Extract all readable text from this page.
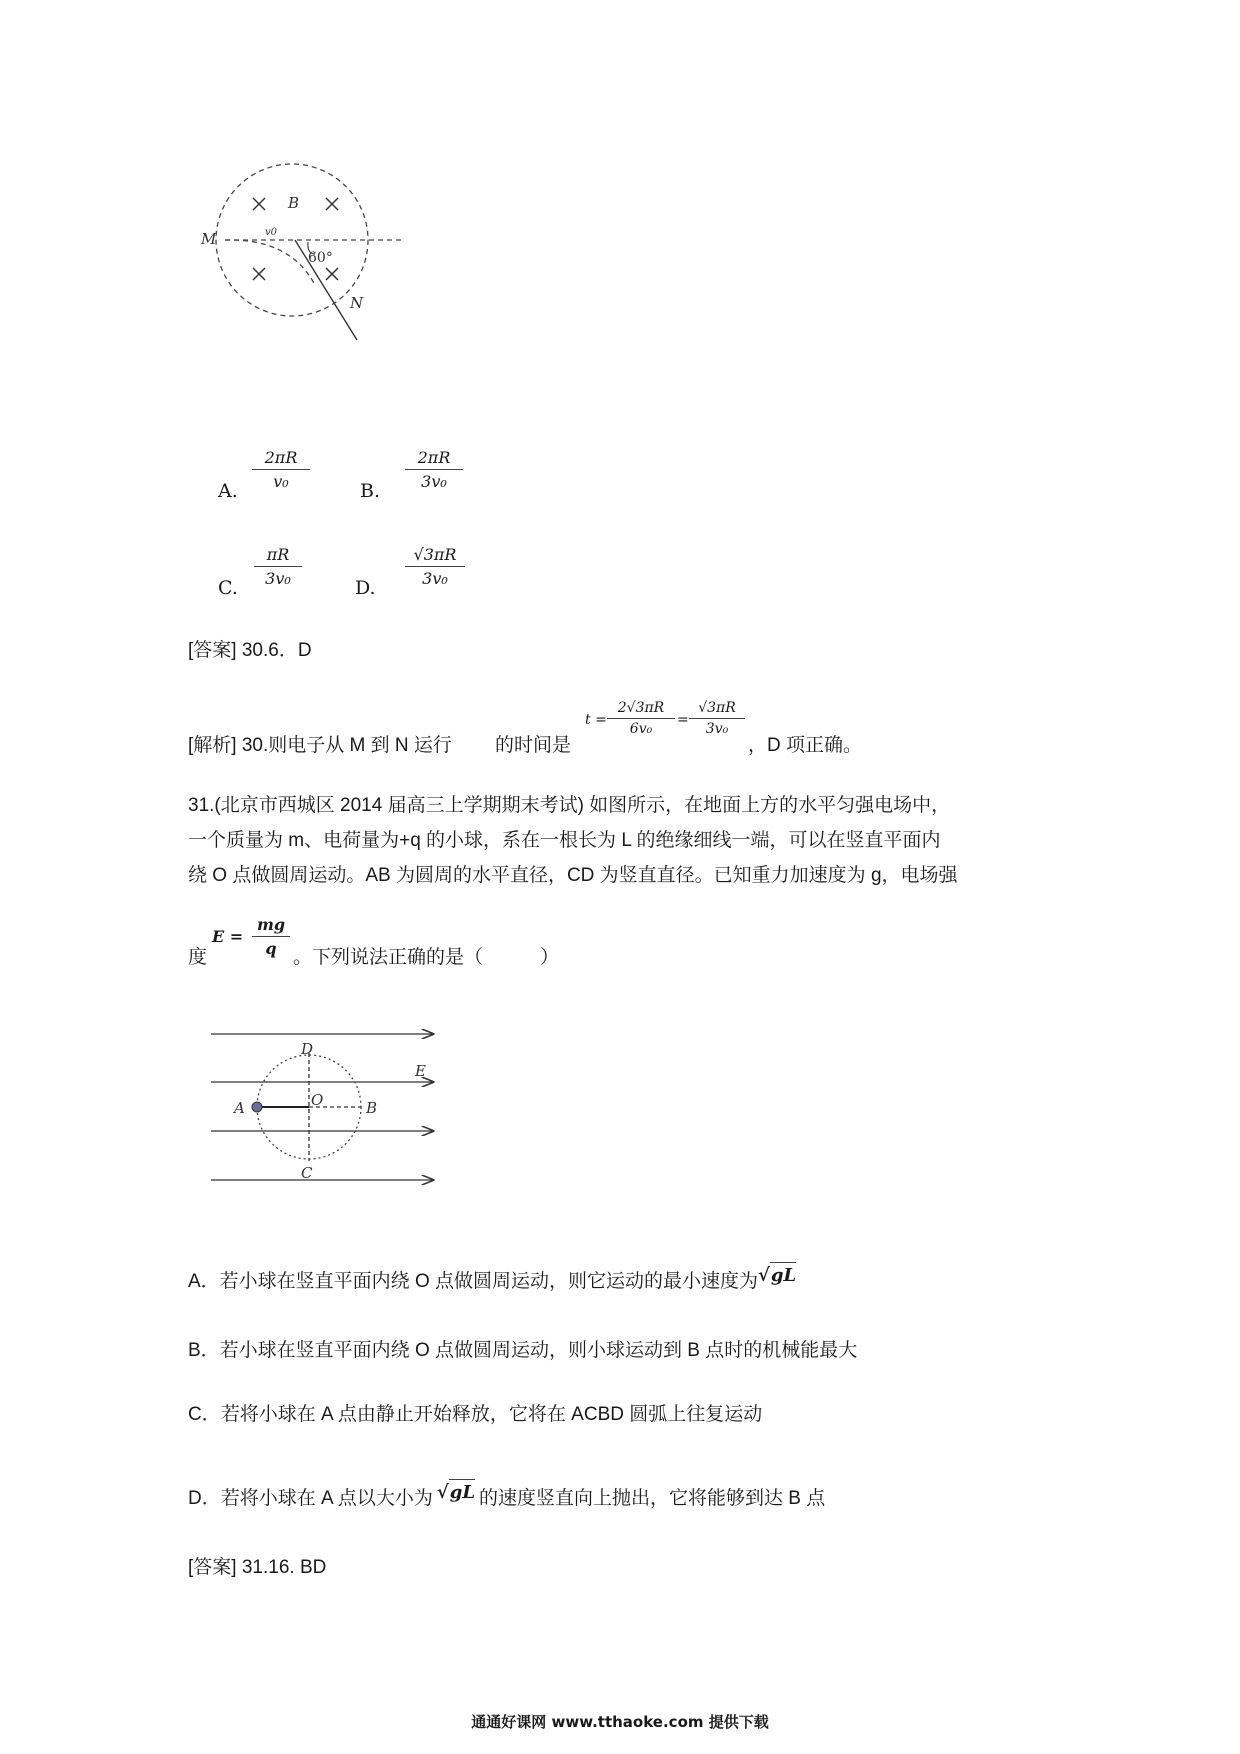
M
B
v0
60°
N
A. $\frac{2\pi R}{\text{v₀}}$	B. $\frac{2\pi R}{\text{3v₀}}$
C. $\frac{\pi R}{\text{3v₀}}$	D. $\frac{√3\pi R}{\text{3v₀}}$
[答案] 30.6．D
[解析] 30.则电子从 M 到 N 运行 的时间是
$t = \frac{2√3\pi R}{\text{6v₀}} = \frac{√3\pi R}{\text{3v₀}}$
，D 项正确。
31.(北京市西城区 2014 届高三上学期期末考试) 如图所示，在地面上方的水平匀强电场中，
一个质量为 m、电荷量为+q 的小球，系在一根长为 L 的绝缘细线一端，可以在竖直平面内
绕 O 点做圆周运动。AB 为圆周的水平直径，CD 为竖直直径。已知重力加速度为 g，电场强
度
$E = \frac{mg}{q}$ 。下列说法正确的是（　　　）
D
E
A	O	B
C
A．若小球在竖直平面内绕 O 点做圆周运动，则它运动的最小速度为√gL
B．若小球在竖直平面内绕 O 点做圆周运动，则小球运动到 B 点时的机械能最大
C．若将小球在 A 点由静止开始释放，它将在 ACBD 圆弧上往复运动
D．若将小球在 A 点以大小为 √gL 的速度竖直向上抛出，它将能够到达 B 点
[答案] 31.16. BD
通通好课网 www.tthaoke.com 提供下载
